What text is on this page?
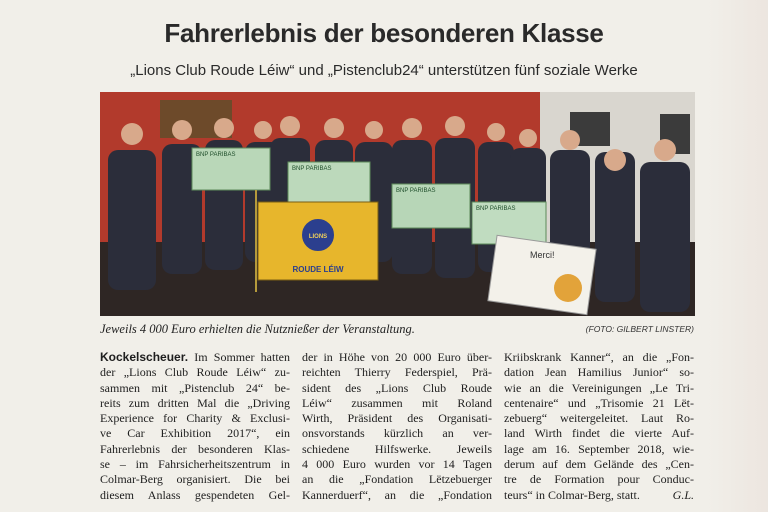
Fahrerlebnis der besonderen Klasse
„Lions Club Roude Léiw“ und „Pistenclub24“ unterstützen fünf soziale Werke
BNP PARIBAS
BNP PARIBAS
BNP PARIBAS
BNP PARIBAS
Merci!
LIONS
ROUDE LÉIW
Jeweils 4 000 Euro erhielten die Nutznießer der Veranstaltung.	(FOTO: GILBERT LINSTER)
Kockelscheuer. Im Sommer hatten
der „Lions Club Roude Léiw“ zu-
sammen mit „Pistenclub 24“ be-
reits zum dritten Mal die „Driving
Experience for Charity & Exclusi-
ve Car Exhibition 2017“, ein
Fahrerlebnis der besonderen Klas-
se – im Fahrsicherheitszentrum in
Colmar-Berg organisiert. Die bei
diesem Anlass gespendeten Gel-
der in Höhe von 20 000 Euro über-
reichten Thierry Federspiel, Prä-
sident des „Lions Club Roude
Léiw“ zusammen mit Roland
Wirth, Präsident des Organisati-
onsvorstands kürzlich an ver-
schiedene Hilfswerke. Jeweils
4 000 Euro wurden vor 14 Tagen
an die „Fondation Lëtzebuerger
Kannerduerf“, an die „Fondation
Kriibskrank Kanner“, an die „Fon-
dation Jean Hamilius Junior“ so-
wie an die Vereinigungen „Le Tri-
centenaire“ und „Trisomie 21 Lët-
zebuerg“ weitergeleitet. Laut Ro-
land Wirth findet die vierte Auf-
lage am 16. September 2018, wie-
derum auf dem Gelände des „Cen-
tre de Formation pour Conduc-
teurs“ in Colmar-Berg, statt.	G.L.
